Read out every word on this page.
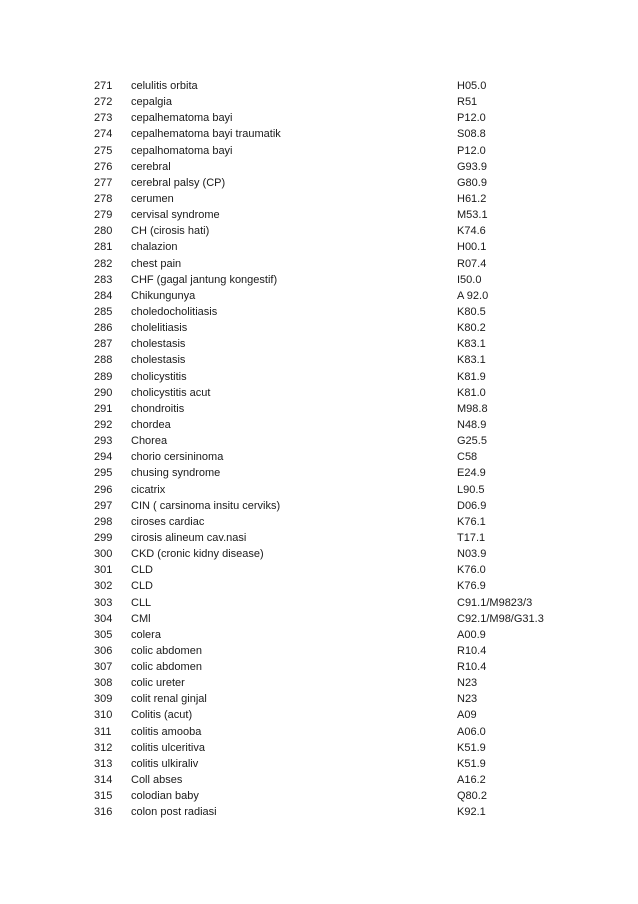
271	celulitis orbita	H05.0
272	cepalgia	R51
273	cepalhematoma bayi	P12.0
274	cepalhematoma bayi traumatik	S08.8
275	cepalhomatoma bayi	P12.0
276	cerebral	G93.9
277	cerebral palsy (CP)	G80.9
278	cerumen	H61.2
279	cervisal syndrome	M53.1
280	CH (cirosis hati)	K74.6
281	chalazion	H00.1
282	chest pain	R07.4
283	CHF (gagal jantung kongestif)	I50.0
284	Chikungunya	A 92.0
285	choledocholitiasis	K80.5
286	cholelitiasis	K80.2
287	cholestasis	K83.1
288	cholestasis	K83.1
289	cholicystitis	K81.9
290	cholicystitis acut	K81.0
291	chondroitis	M98.8
292	chordea	N48.9
293	Chorea	G25.5
294	chorio cersininoma	C58
295	chusing syndrome	E24.9
296	cicatrix	L90.5
297	CIN ( carsinoma insitu cerviks)	D06.9
298	ciroses cardiac	K76.1
299	cirosis alineum cav.nasi	T17.1
300	CKD (cronic kidny disease)	N03.9
301	CLD	K76.0
302	CLD	K76.9
303	CLL	C91.1/M9823/3
304	CMl	C92.1/M98/G31.3
305	colera	A00.9
306	colic abdomen	R10.4
307	colic abdomen	R10.4
308	colic ureter	N23
309	colit renal ginjal	N23
310	Colitis (acut)	A09
311	colitis amooba	A06.0
312	colitis ulceritiva	K51.9
313	colitis ulkiraliv	K51.9
314	Coll abses	A16.2
315	colodian baby	Q80.2
316	colon post radiasi	K92.1
